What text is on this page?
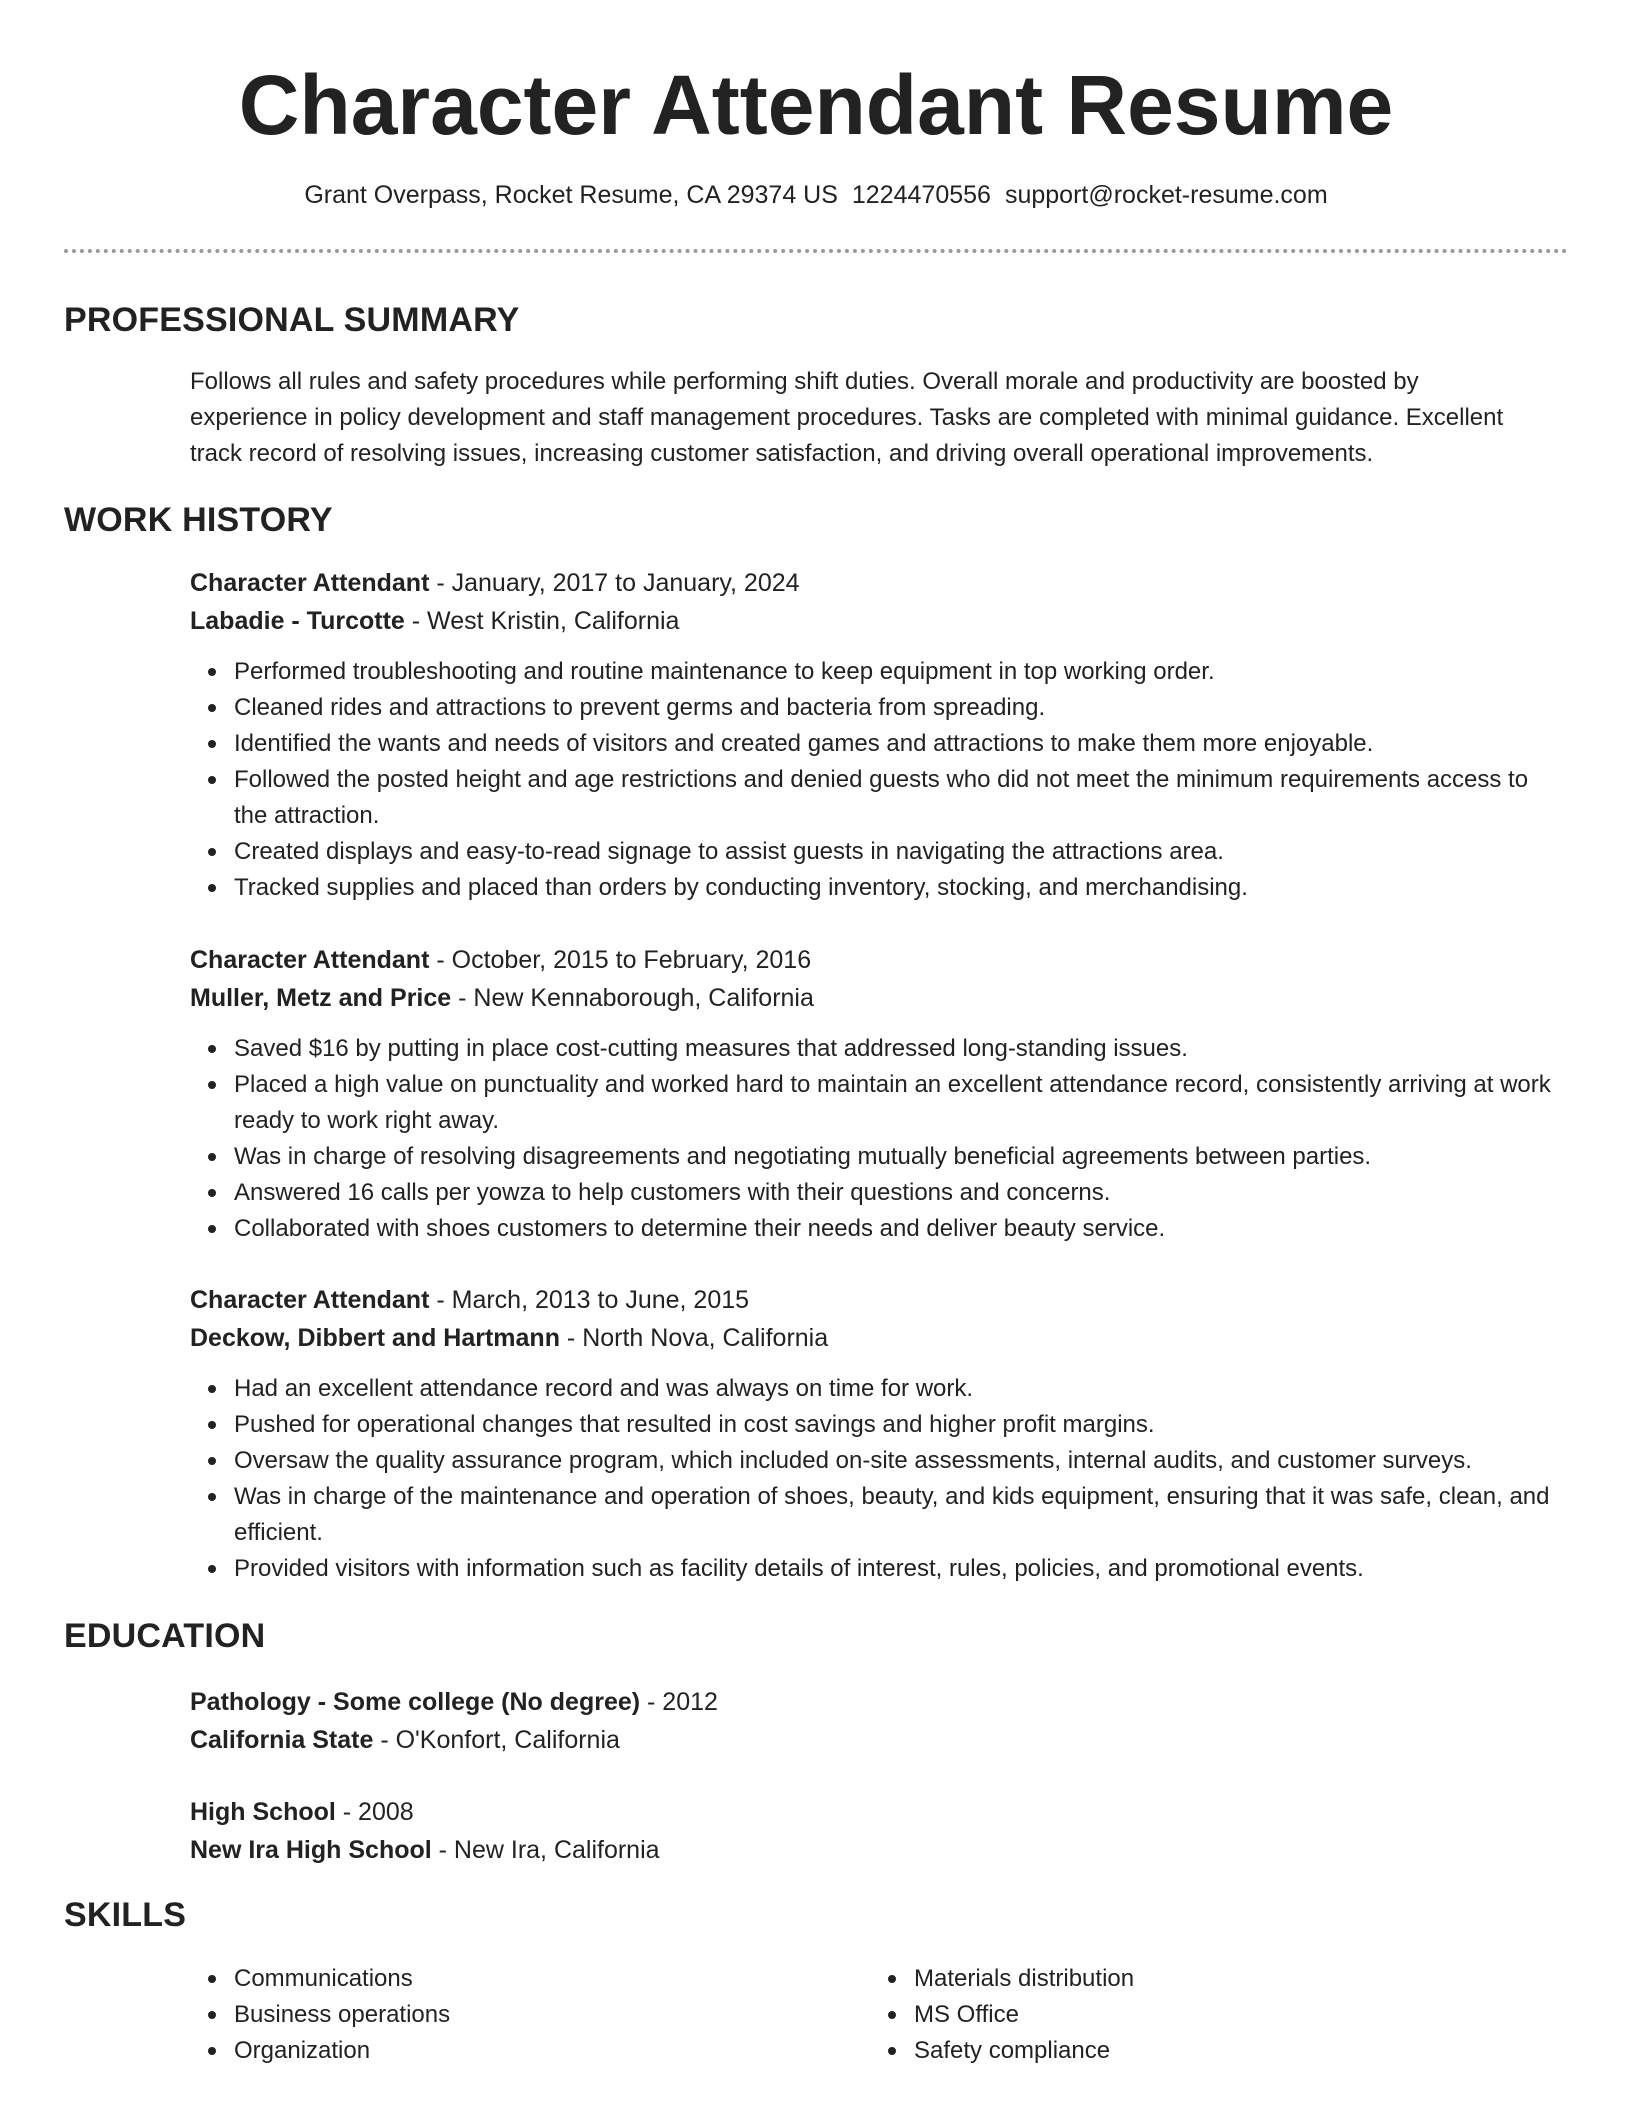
Character Attendant Resume
Grant Overpass, Rocket Resume, CA 29374 US 1224470556 support@rocket-resume.com
PROFESSIONAL SUMMARY
Follows all rules and safety procedures while performing shift duties. Overall morale and productivity are boosted by
experience in policy development and staff management procedures. Tasks are completed with minimal guidance. Excellent
track record of resolving issues, increasing customer satisfaction, and driving overall operational improvements.
WORK HISTORY
Character Attendant - January, 2017 to January, 2024
Labadie - Turcotte - West Kristin, California
Performed troubleshooting and routine maintenance to keep equipment in top working order.
Cleaned rides and attractions to prevent germs and bacteria from spreading.
Identified the wants and needs of visitors and created games and attractions to make them more enjoyable.
Followed the posted height and age restrictions and denied guests who did not meet the minimum requirements access to the attraction.
Created displays and easy-to-read signage to assist guests in navigating the attractions area.
Tracked supplies and placed than orders by conducting inventory, stocking, and merchandising.
Character Attendant - October, 2015 to February, 2016
Muller, Metz and Price - New Kennaborough, California
Saved $16 by putting in place cost-cutting measures that addressed long-standing issues.
Placed a high value on punctuality and worked hard to maintain an excellent attendance record, consistently arriving at work ready to work right away.
Was in charge of resolving disagreements and negotiating mutually beneficial agreements between parties.
Answered 16 calls per yowza to help customers with their questions and concerns.
Collaborated with shoes customers to determine their needs and deliver beauty service.
Character Attendant - March, 2013 to June, 2015
Deckow, Dibbert and Hartmann - North Nova, California
Had an excellent attendance record and was always on time for work.
Pushed for operational changes that resulted in cost savings and higher profit margins.
Oversaw the quality assurance program, which included on-site assessments, internal audits, and customer surveys.
Was in charge of the maintenance and operation of shoes, beauty, and kids equipment, ensuring that it was safe, clean, and efficient.
Provided visitors with information such as facility details of interest, rules, policies, and promotional events.
EDUCATION
Pathology - Some college (No degree) - 2012
California State - O'Konfort, California
High School - 2008
New Ira High School - New Ira, California
SKILLS
Communications
Business operations
Organization
Materials distribution
MS Office
Safety compliance
